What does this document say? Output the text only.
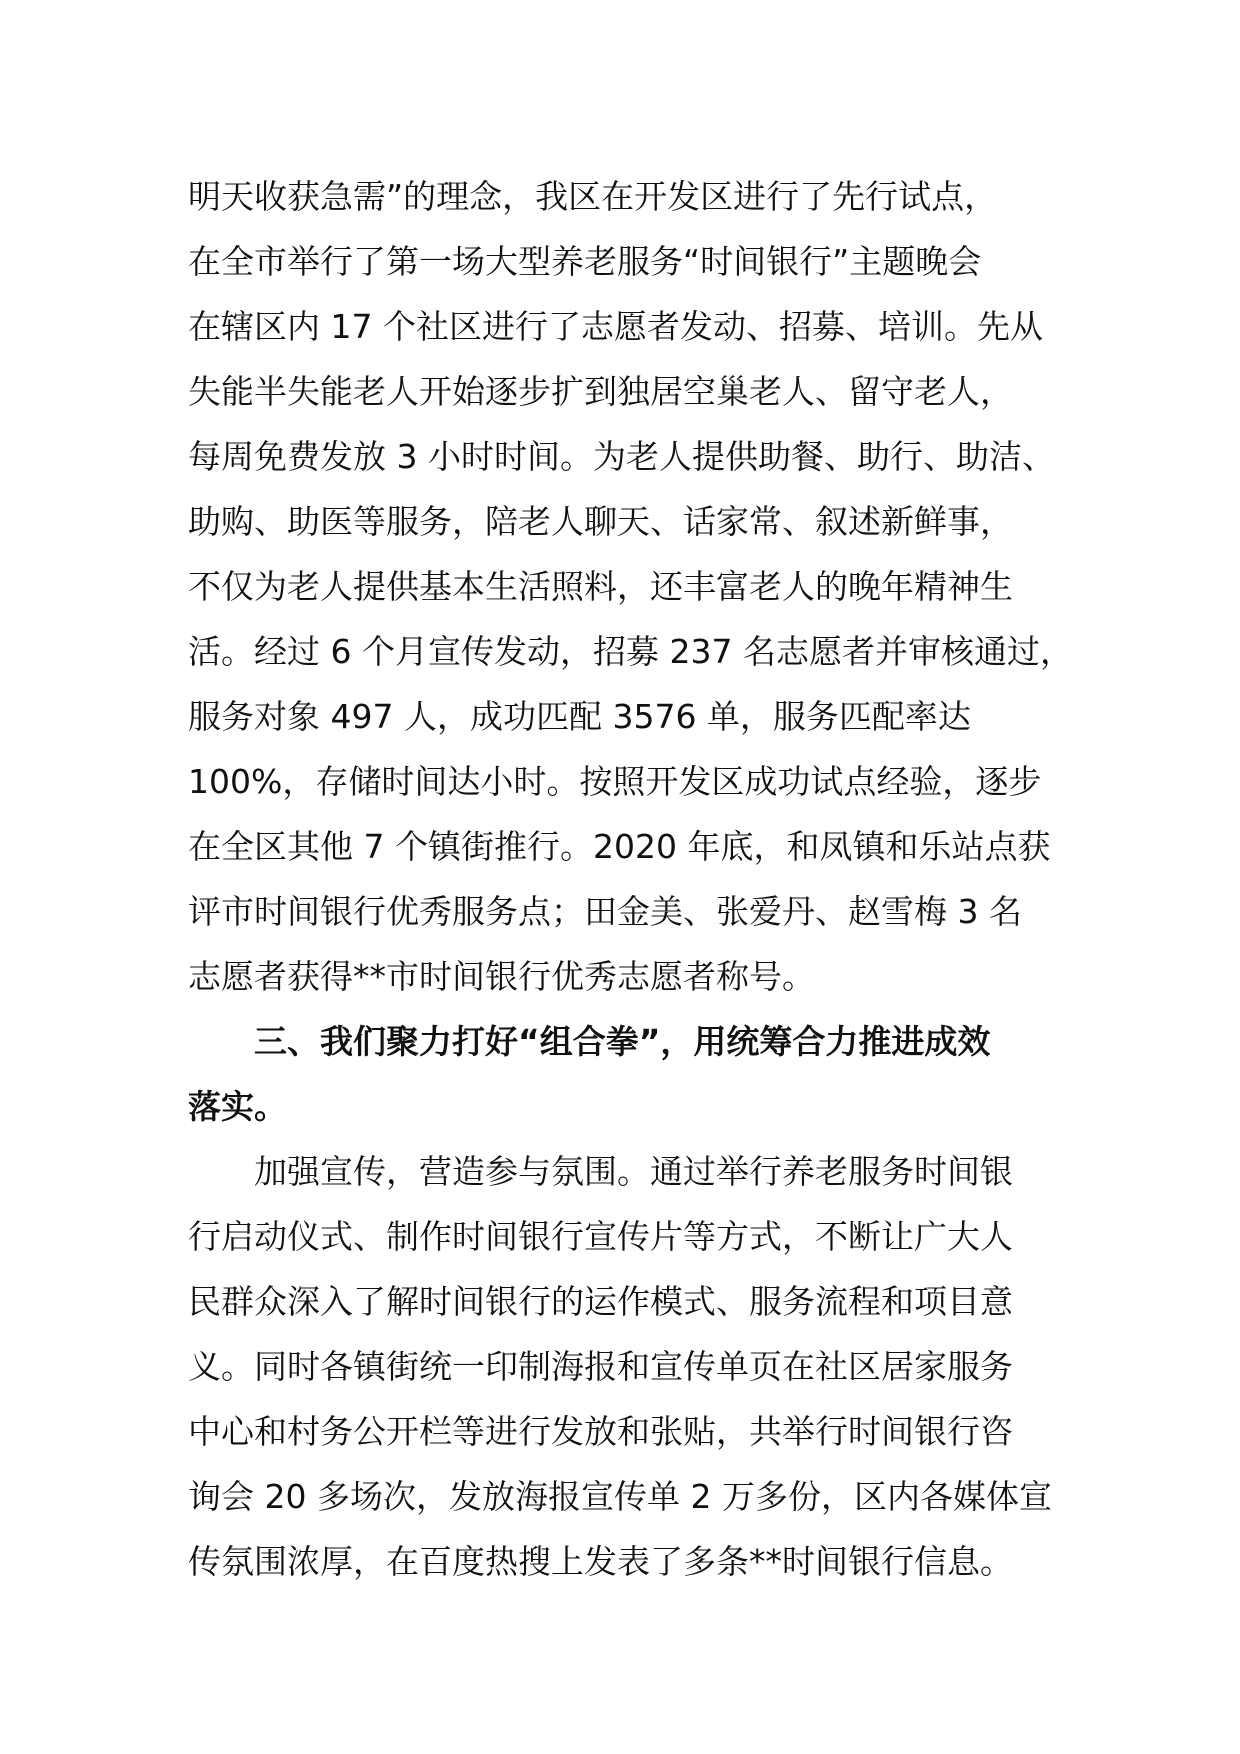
明天收获急需”的理念，我区在开发区进行了先行试点，
在全市举行了第一场大型养老服务“时间银行”主题晚会
在辖区内 17 个社区进行了志愿者发动、招募、培训。先从
失能半失能老人开始逐步扩到独居空巢老人、留守老人，
每周免费发放 3 小时时间。为老人提供助餐、助行、助洁、
助购、助医等服务，陪老人聊天、话家常、叙述新鲜事，
不仅为老人提供基本生活照料，还丰富老人的晚年精神生
活。经过 6 个月宣传发动，招募 237 名志愿者并审核通过，
服务对象 497 人，成功匹配 3576 单，服务匹配率达
100%，存储时间达小时。按照开发区成功试点经验，逐步
在全区其他 7 个镇街推行。2020 年底，和凤镇和乐站点获
评市时间银行优秀服务点；田金美、张爱丹、赵雪梅 3 名
志愿者获得**市时间银行优秀志愿者称号。
三、我们聚力打好“组合拳”，用统筹合力推进成效
落实。
加强宣传，营造参与氛围。通过举行养老服务时间银
行启动仪式、制作时间银行宣传片等方式，不断让广大人
民群众深入了解时间银行的运作模式、服务流程和项目意
义。同时各镇街统一印制海报和宣传单页在社区居家服务
中心和村务公开栏等进行发放和张贴，共举行时间银行咨
询会 20 多场次，发放海报宣传单 2 万多份，区内各媒体宣
传氛围浓厚，在百度热搜上发表了多条**时间银行信息。
